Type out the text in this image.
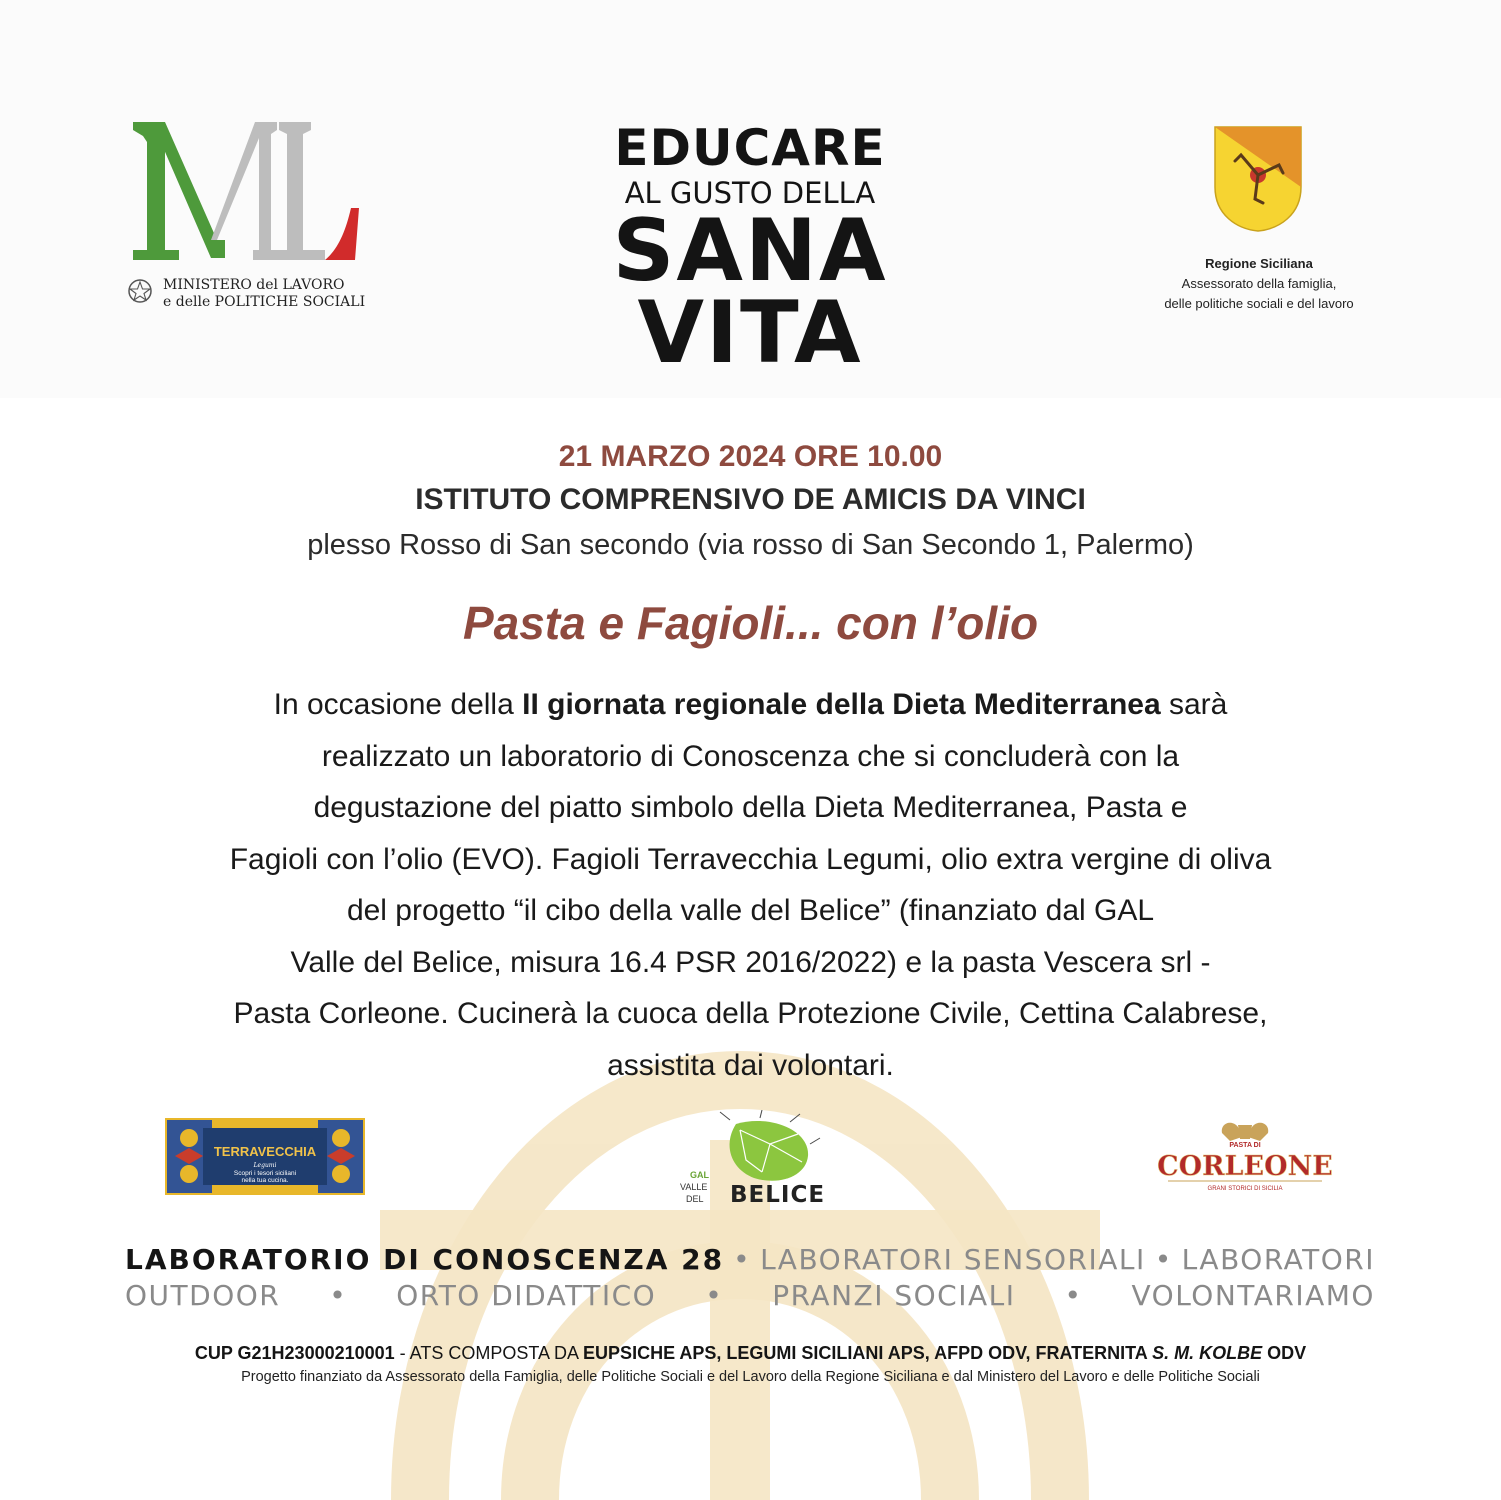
MINISTERO del LAVORO
e delle POLITICHE SOCIALI
EDUCARE
AL GUSTO DELLA
SANA
VITA
Regione Siciliana
Assessorato della famiglia,
delle politiche sociali e del lavoro
21 MARZO 2024 ORE 10.00
ISTITUTO COMPRENSIVO DE AMICIS DA VINCI
plesso Rosso di San secondo (via rosso di San Secondo 1, Palermo)
Pasta e Fagioli... con l’olio
In occasione della II giornata regionale della Dieta Mediterranea sarà
realizzato un laboratorio di Conoscenza che si concluderà con la
degustazione del piatto simbolo della Dieta Mediterranea, Pasta e
Fagioli con l’olio (EVO). Fagioli Terravecchia Legumi, olio extra vergine di oliva
del progetto “il cibo della valle del Belice” (finanziato dal GAL
Valle del Belice, misura 16.4 PSR 2016/2022) e la pasta Vescera srl -
Pasta Corleone. Cucinerà la cuoca della Protezione Civile, Cettina Calabrese,
assistita dai volontari.
TERRAVECCHIA
Legumi
Scopri i tesori siciliani
nella tua cucina.
GAL
VALLE
DEL BELICE
PASTA DI
CORLEONE
GRANI STORICI DI SICILIA
LABORATORIO DI CONOSCENZA 28 • LABORATORI SENSORIALI • LABORATORI
OUTDOOR • ORTO DIDATTICO • PRANZI SOCIALI • VOLONTARIAMO
CUP G21H23000210001 - ATS COMPOSTA DA EUPSICHE APS, LEGUMI SICILIANI APS, AFPD ODV, FRATERNITA S. M. KOLBE ODV
Progetto finanziato da Assessorato della Famiglia, delle Politiche Sociali e del Lavoro della Regione Siciliana e dal Ministero del Lavoro e delle Politiche Sociali
